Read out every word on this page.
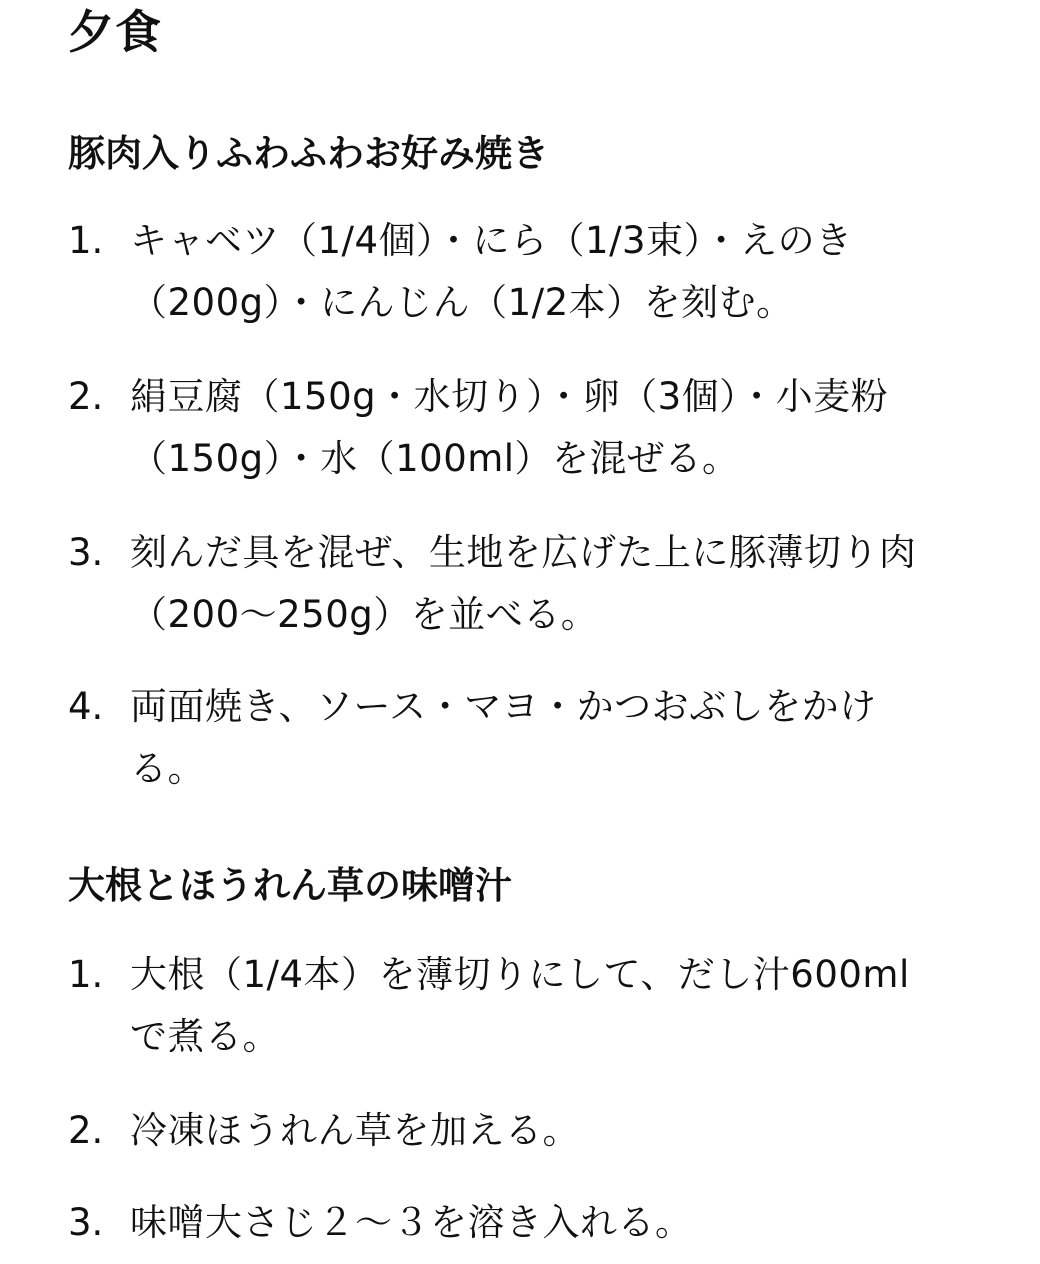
夕食
豚肉入りふわふわお好み焼き
1. キャベツ（1/4個）・にら（1/3束）・えのき（200g）・にんじん（1/2本）を刻む。
2. 絹豆腐（150g・水切り）・卵（3個）・小麦粉（150g）・水（100ml）を混ぜる。
3. 刻んだ具を混ぜ、生地を広げた上に豚薄切り肉（200〜250g）を並べる。
4. 両面焼き、ソース・マヨ・かつおぶしをかける。
大根とほうれん草の味噌汁
1. 大根（1/4本）を薄切りにして、だし汁600mlで煮る。
2. 冷凍ほうれん草を加える。
3. 味噌大さじ２〜３を溶き入れる。
